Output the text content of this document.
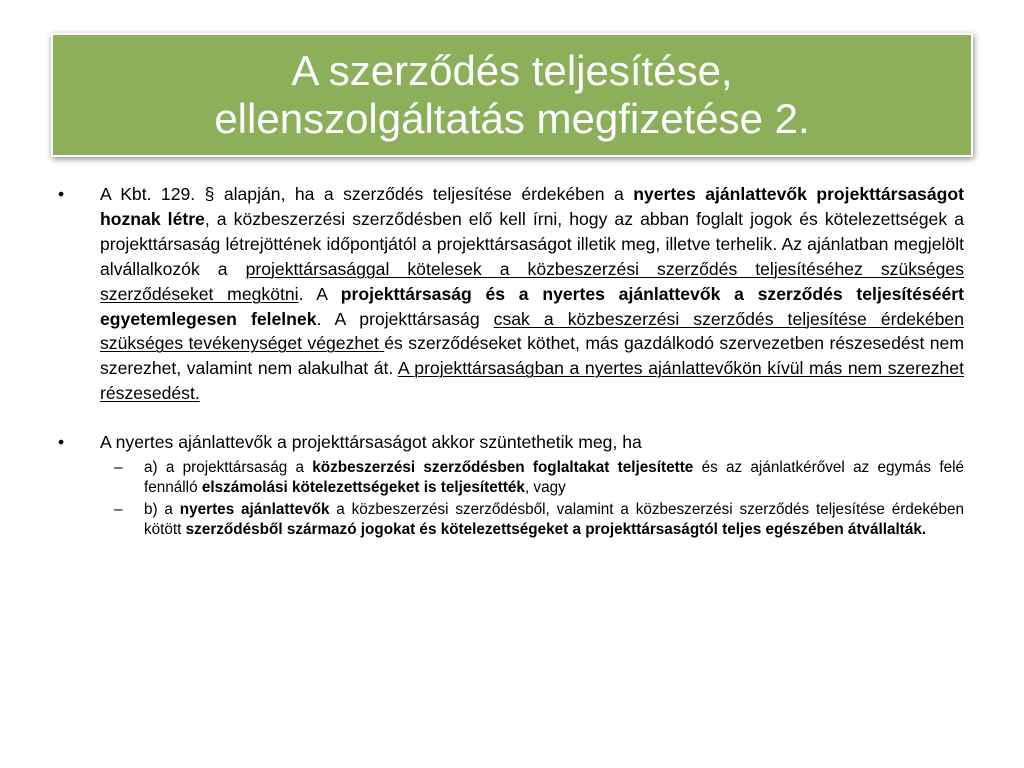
A szerződés teljesítése,
ellenszolgáltatás megfizetése 2.
•	A Kbt. 129. § alapján, ha a szerződés teljesítése érdekében a nyertes ajánlattevők projekttársaságot hoznak létre, a közbeszerzési szerződésben elő kell írni, hogy az abban foglalt jogok és kötelezettségek a projekttársaság létrejöttének időpontjától a projekttársaságot illetik meg, illetve terhelik. Az ajánlatban megjelölt alvállalkozók a projekttársasággal kötelesek a közbeszerzési szerződés teljesítéséhez szükséges szerződéseket megkötni. A projekttársaság és a nyertes ajánlattevők a szerződés teljesítéséért egyetemlegesen felelnek. A projekttársaság csak a közbeszerzési szerződés teljesítése érdekében szükséges tevékenységet végezhet és szerződéseket köthet, más gazdálkodó szervezetben részesedést nem szerezhet, valamint nem alakulhat át. A projekttársaságban a nyertes ajánlattevőkön kívül más nem szerezhet részesedést.
•	A nyertes ajánlattevők a projekttársaságot akkor szüntethetik meg, ha
– a) a projekttársaság a közbeszerzési szerződésben foglaltakat teljesítette és az ajánlatkérővel az egymás felé fennálló elszámolási kötelezettségeket is teljesítették, vagy
– b) a nyertes ajánlattevők a közbeszerzési szerződésből, valamint a közbeszerzési szerződés teljesítése érdekében kötött szerződésből származó jogokat és kötelezettségeket a projekttársaságtól teljes egészében átvállalták.
